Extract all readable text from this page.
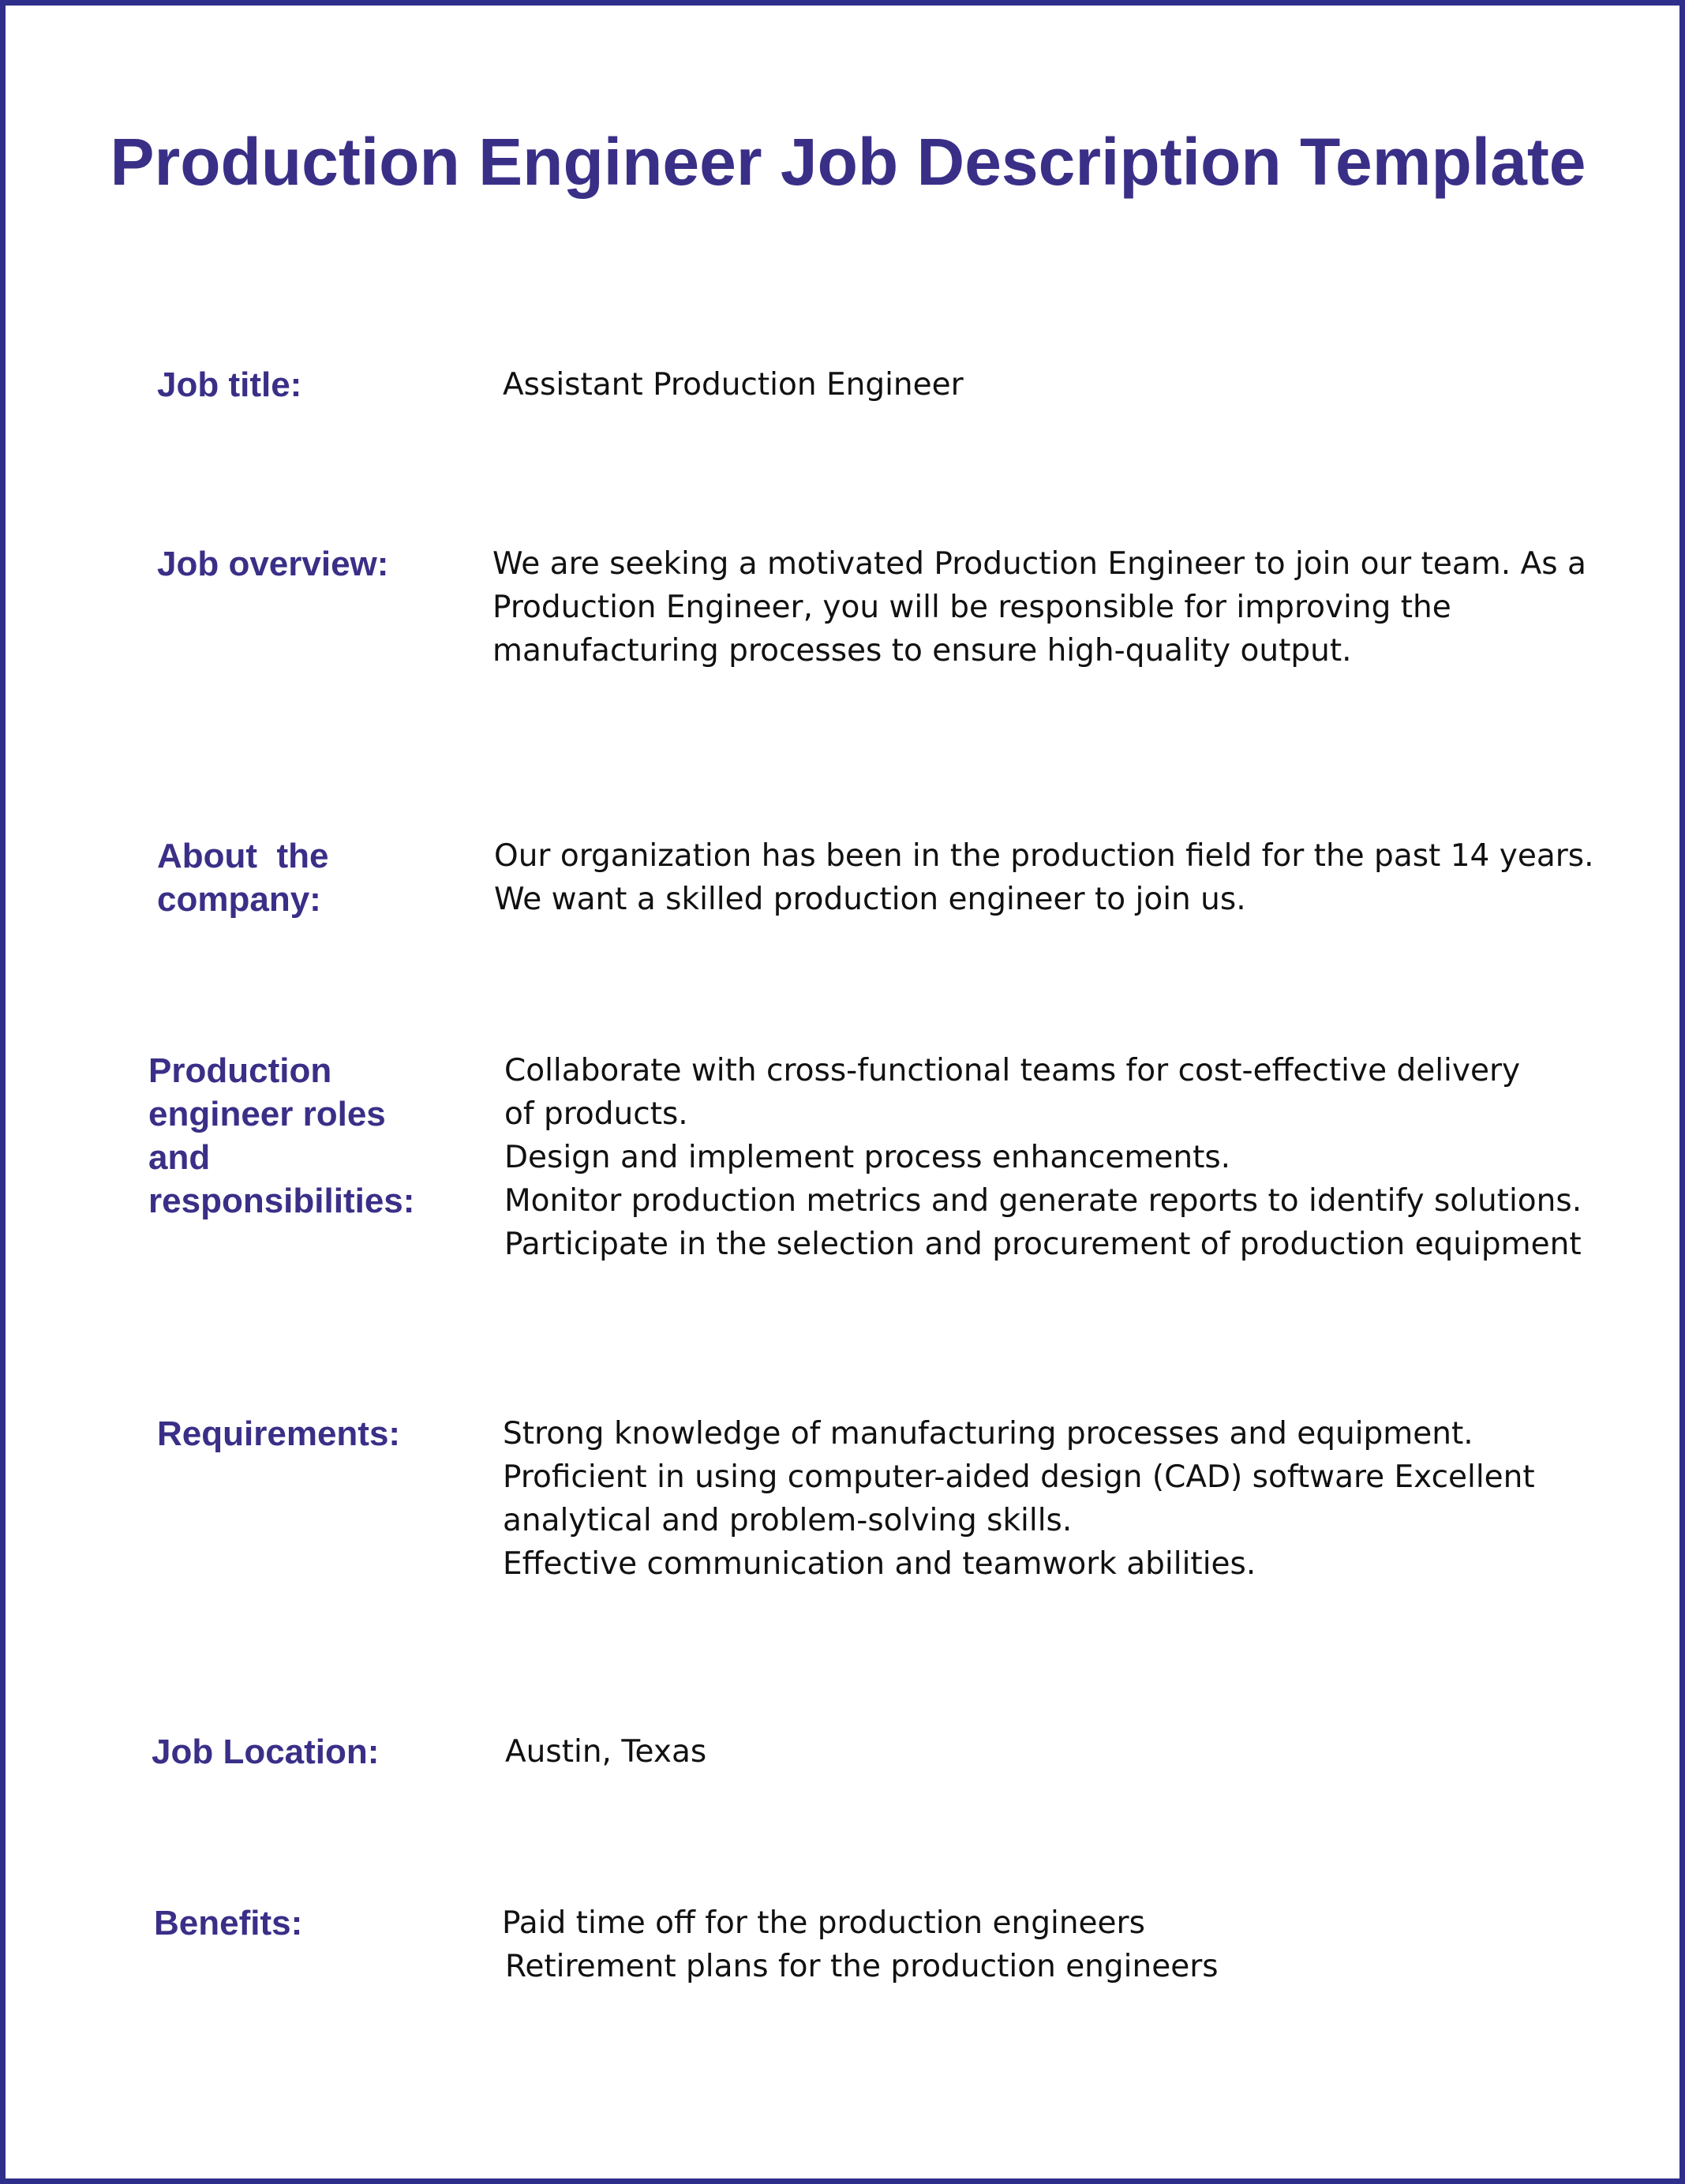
Production Engineer Job Description Template
Job title:	Assistant Production Engineer
Job overview:	We are seeking a motivated Production Engineer to join our team. As a
Production Engineer, you will be responsible for improving the
manufacturing processes to ensure high-quality output.
About  the
company:
Our organization has been in the production field for the past 14 years.
We want a skilled production engineer to join us.
Production
engineer roles
and
responsibilities:
Collaborate with cross-functional teams for cost-effective delivery
of products.
Design and implement process enhancements.
Monitor production metrics and generate reports to identify solutions.
Participate in the selection and procurement of production equipment
Requirements:	Strong knowledge of manufacturing processes and equipment.
Proficient in using computer-aided design (CAD) software Excellent
analytical and problem-solving skills.
Effective communication and teamwork abilities.
Job Location:	Austin, Texas
Benefits:	Paid time off for the production engineers
Retirement plans for the production engineers
